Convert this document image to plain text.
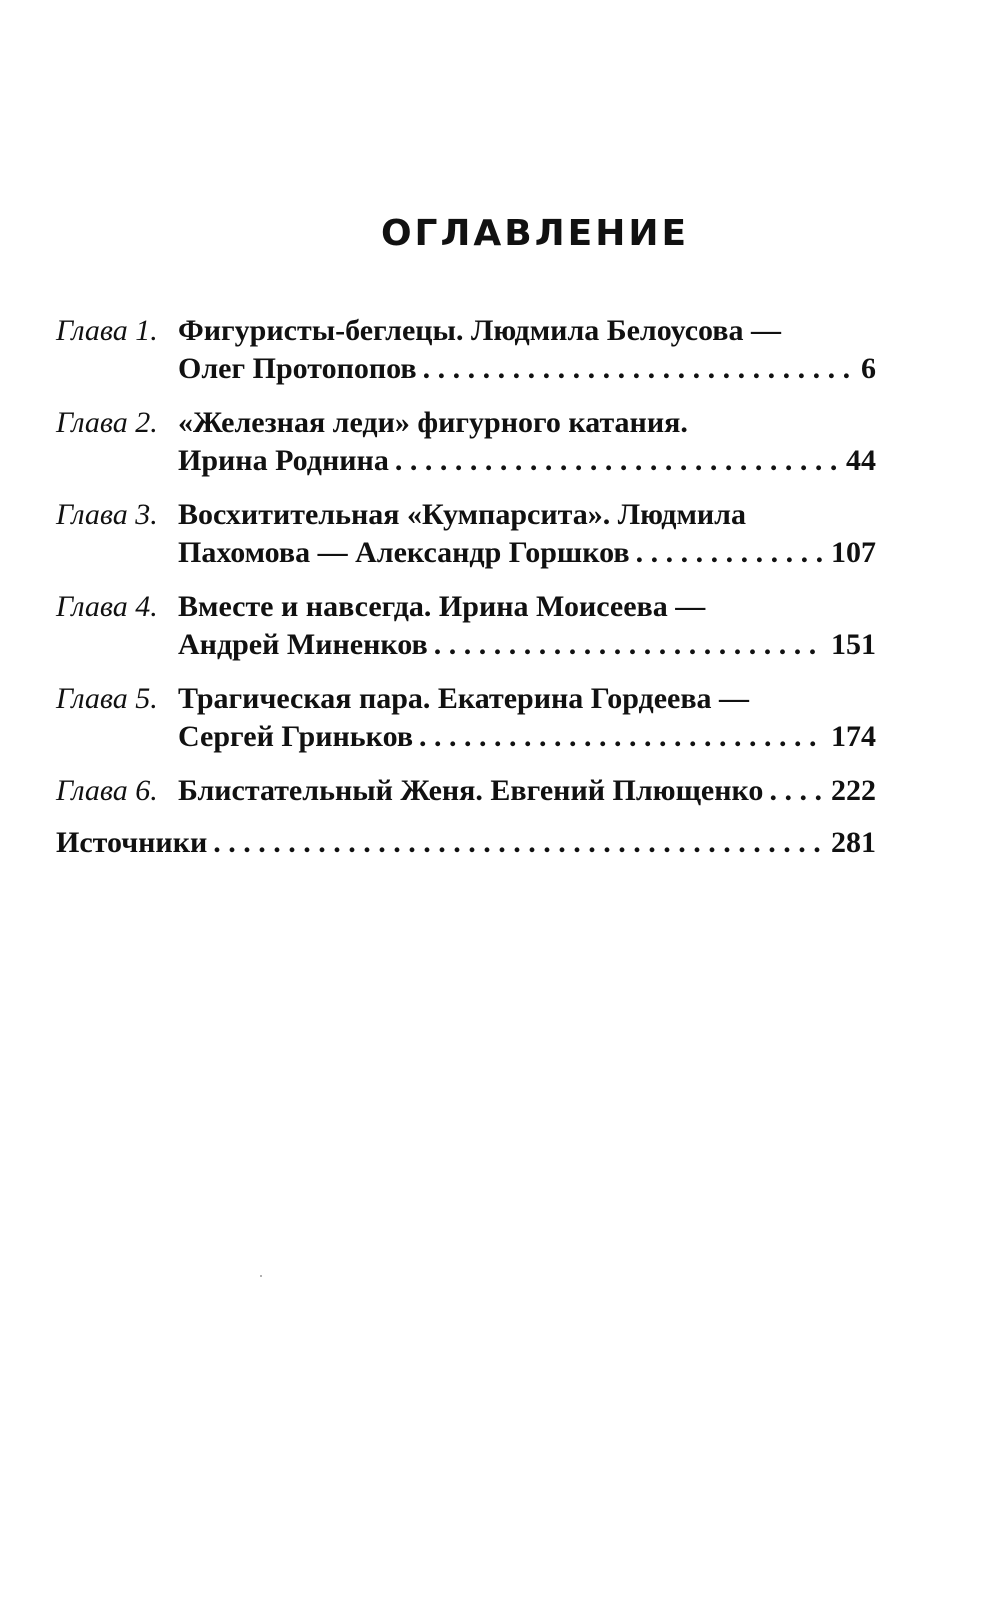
ОГЛАВЛЕНИЕ
Глава 1. Фигуристы-беглецы. Людмила Белоусова —
Олег Протопопов . . .	6
Глава 2. «Железная леди» фигурного катания.
Ирина Роднина . . .	44
Глава 3. Восхитительная «Кумпарсита». Людмила
Пахомова — Александр Горшков . . .	107
Глава 4. Вместе и навсегда. Ирина Моисеева —
Андрей Миненков . . .	151
Глава 5. Трагическая пара. Екатерина Гордеева —
Сергей Гриньков . . .	174
Глава 6. Блистательный Женя. Евгений Плющенко . . . 222
Источники . . .	281
